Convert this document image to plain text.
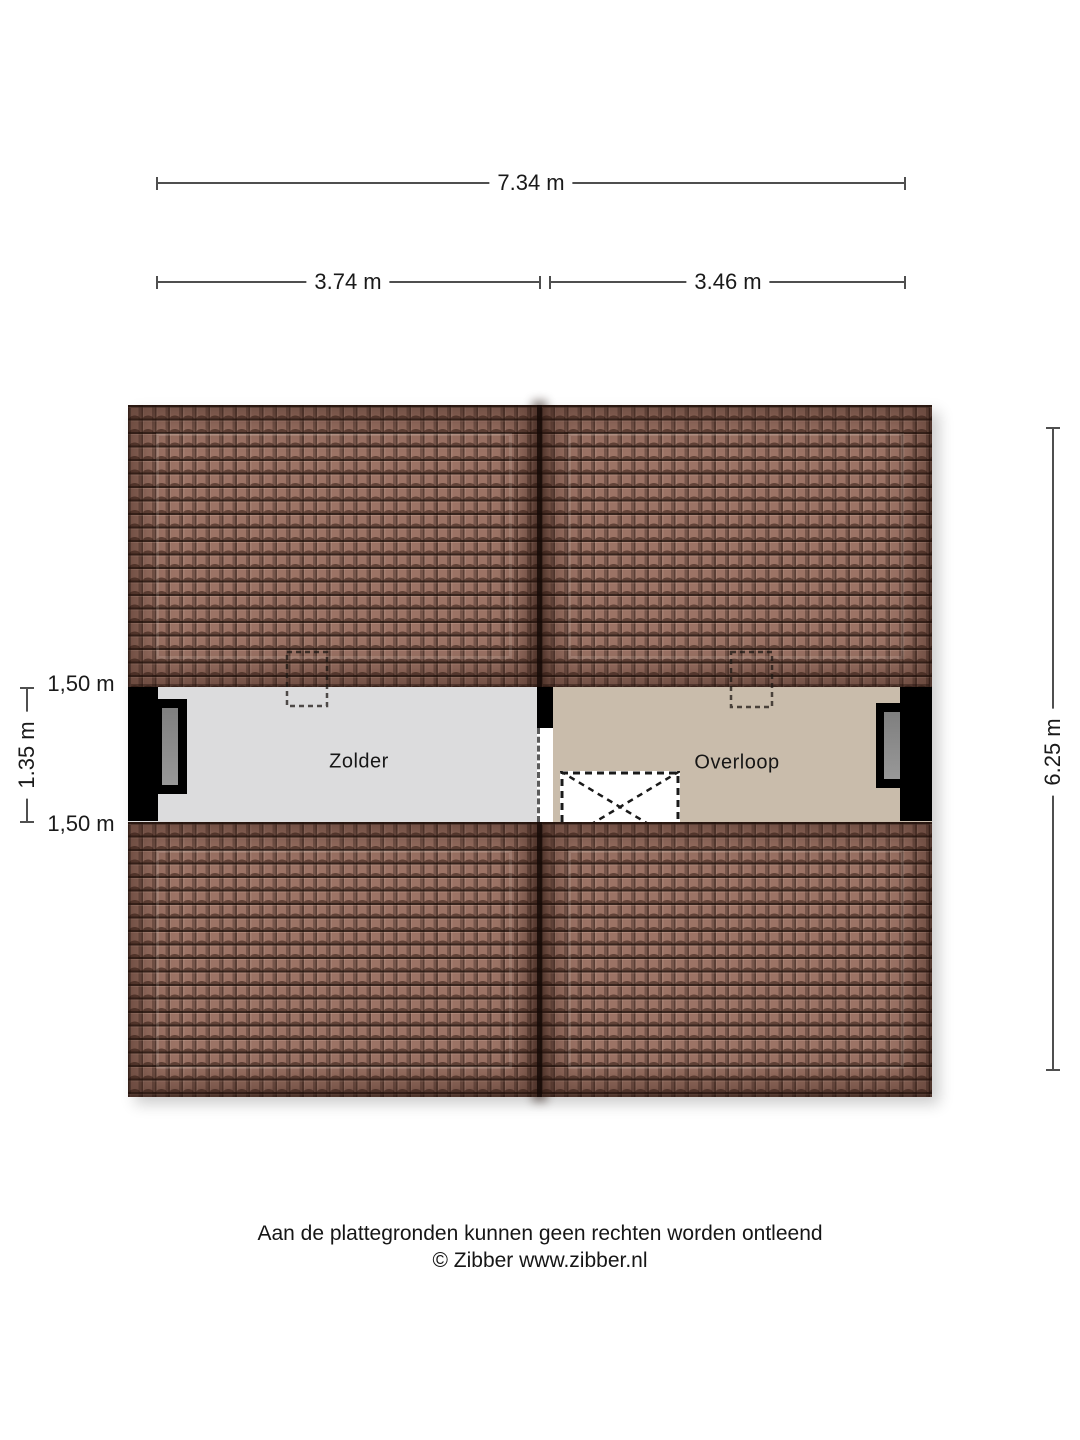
7.34 m
3.74 m	3.46 m
Zolder	Overloop
1.35 m
1,50 m
1,50 m
6.25 m
Aan de plattegronden kunnen geen rechten worden ontleend
© Zibber www.zibber.nl
